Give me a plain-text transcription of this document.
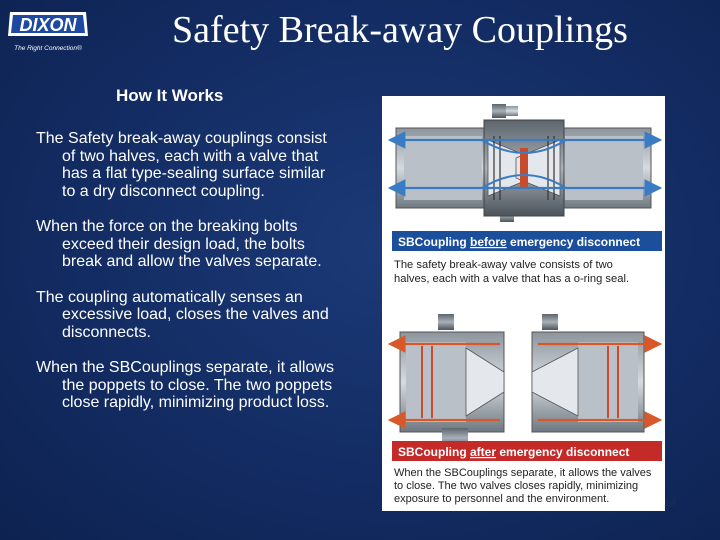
DIXON
The Right Connection®	Safety Break-away Couplings
How It Works

The Safety break-away couplings consist of two halves, each with a valve that has a flat type-sealing surface similar to a dry disconnect coupling.

When the force on the breaking bolts exceed their design load, the bolts break and allow the valves separate.

The coupling automatically senses an excessive load, closes the valves and disconnects.

When the SBCouplings separate, it allows the poppets to close. The two poppets close rapidly, minimizing product loss.

SBCoupling before emergency disconnect
The safety break-away valve consists of two
halves, each with a valve that has a o-ring seal.
SBCoupling after emergency disconnect
When the SBCouplings separate, it allows the valves
to close. The two valves closes rapidly, minimizing
exposure to personnel and the environment.	14
